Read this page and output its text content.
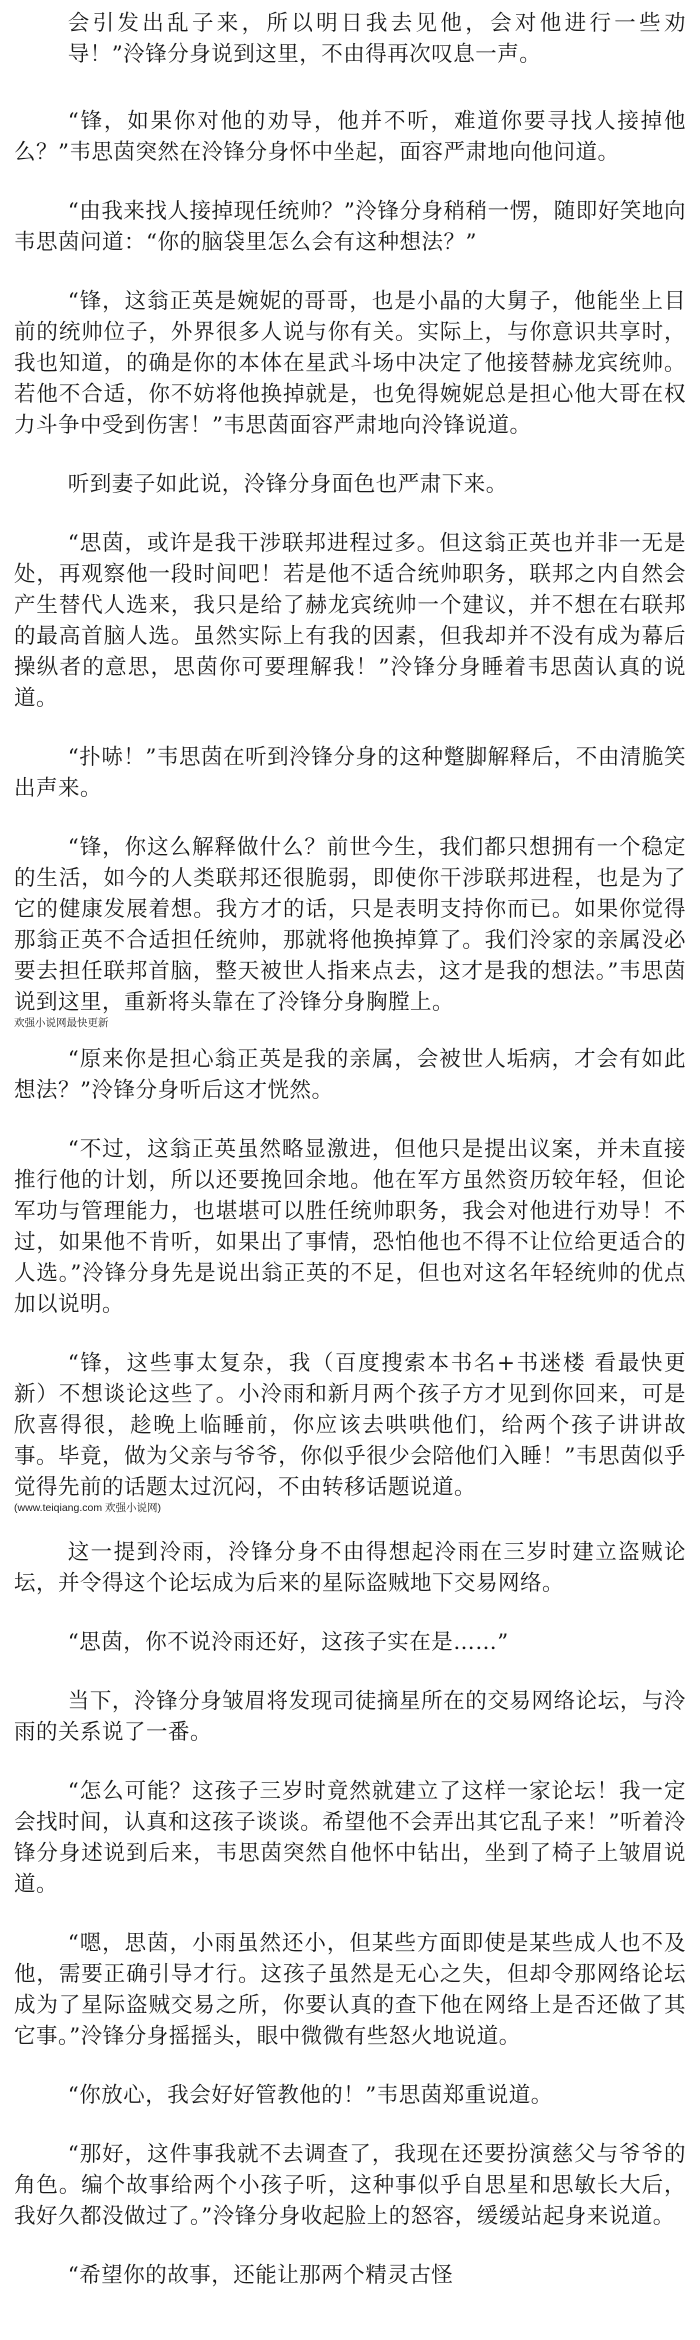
会引发出乱子来，所以明日我去见他，会对他进行一些劝导！”泠锋分身说到这里，不由得再次叹息一声。

“锋，如果你对他的劝导，他并不听，难道你要寻找人接掉他么？”韦思茵突然在泠锋分身怀中坐起，面容严肃地向他问道。

“由我来找人接掉现任统帅？”泠锋分身稍稍一愣，随即好笑地向韦思茵问道：“你的脑袋里怎么会有这种想法？”

“锋，这翁正英是婉妮的哥哥，也是小晶的大舅子，他能坐上目前的统帅位子，外界很多人说与你有关。实际上，与你意识共享时，我也知道，的确是你的本体在星武斗场中决定了他接替赫龙宾统帅。若他不合适，你不妨将他换掉就是，也免得婉妮总是担心他大哥在权力斗争中受到伤害！”韦思茵面容严肃地向泠锋说道。

听到妻子如此说，泠锋分身面色也严肃下来。

“思茵，或许是我干涉联邦进程过多。但这翁正英也并非一无是处，再观察他一段时间吧！若是他不适合统帅职务，联邦之内自然会产生替代人选来，我只是给了赫龙宾统帅一个建议，并不想在右联邦的最高首脑人选。虽然实际上有我的因素，但我却并不没有成为幕后操纵者的意思，思茵你可要理解我！”泠锋分身睡着韦思茵认真的说道。

“扑哧！”韦思茵在听到泠锋分身的这种蹩脚解释后，不由清脆笑出声来。

“锋，你这么解释做什么？前世今生，我们都只想拥有一个稳定的生活，如今的人类联邦还很脆弱，即使你干涉联邦进程，也是为了它的健康发展着想。我方才的话，只是表明支持你而已。如果你觉得那翁正英不合适担任统帅，那就将他换掉算了。我们泠家的亲属没必要去担任联邦首脑，整天被世人指来点去，这才是我的想法。”韦思茵说到这里，重新将头靠在了泠锋分身胸膛上。

欢强小说网最快更新

“原来你是担心翁正英是我的亲属，会被世人垢病，才会有如此想法？”泠锋分身听后这才恍然。

“不过，这翁正英虽然略显激进，但他只是提出议案，并未直接推行他的计划，所以还要挽回余地。他在军方虽然资历较年轻，但论军功与管理能力，也堪堪可以胜任统帅职务，我会对他进行劝导！不过，如果他不肯听，如果出了事情，恐怕他也不得不让位给更适合的人选。”泠锋分身先是说出翁正英的不足，但也对这名年轻统帅的优点加以说明。

“锋，这些事太复杂，我（百度搜索本书名+书迷楼 看最快更新）不想谈论这些了。小泠雨和新月两个孩子方才见到你回来，可是欣喜得很，趁晚上临睡前，你应该去哄哄他们，给两个孩子讲讲故事。毕竟，做为父亲与爷爷，你似乎很少会陪他们入睡！”韦思茵似乎觉得先前的话题太过沉闷，不由转移话题说道。

(www.teiqiang.com 欢强小说网)

这一提到泠雨，泠锋分身不由得想起泠雨在三岁时建立盗贼论坛，并令得这个论坛成为后来的星际盗贼地下交易网络。

“思茵，你不说泠雨还好，这孩子实在是……”

当下，泠锋分身皱眉将发现司徒摘星所在的交易网络论坛，与泠雨的关系说了一番。

“怎么可能？这孩子三岁时竟然就建立了这样一家论坛！我一定会找时间，认真和这孩子谈谈。希望他不会弄出其它乱子来！”听着泠锋分身述说到后来，韦思茵突然自他怀中钻出，坐到了椅子上皱眉说道。

“嗯，思茵，小雨虽然还小，但某些方面即使是某些成人也不及他，需要正确引导才行。这孩子虽然是无心之失，但却令那网络论坛成为了星际盗贼交易之所，你要认真的查下他在网络上是否还做了其它事。”泠锋分身摇摇头，眼中微微有些怒火地说道。

“你放心，我会好好管教他的！”韦思茵郑重说道。

“那好，这件事我就不去调查了，我现在还要扮演慈父与爷爷的角色。编个故事给两个小孩子听，这种事似乎自思星和思敏长大后，我好久都没做过了。”泠锋分身收起脸上的怒容，缓缓站起身来说道。

“希望你的故事，还能让那两个精灵古怪
